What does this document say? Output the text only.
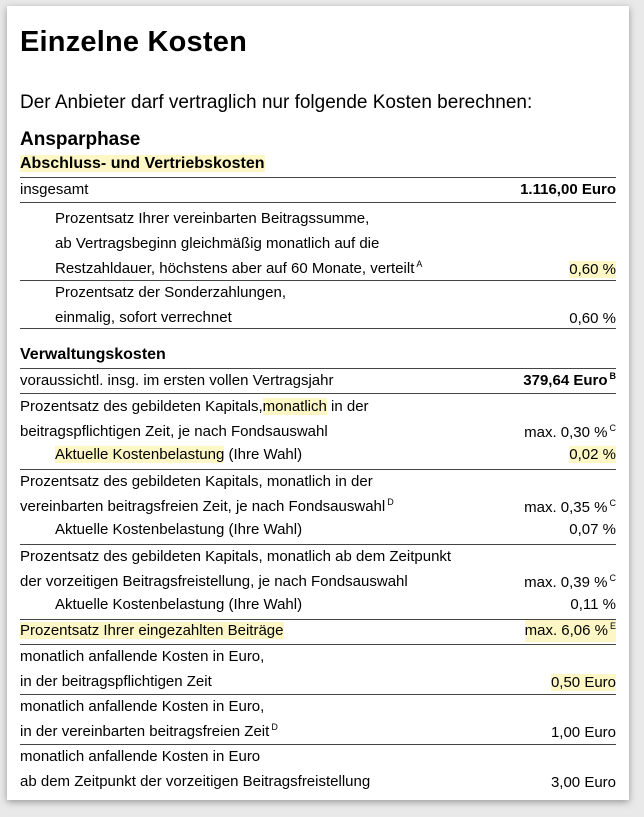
Einzelne Kosten
Der Anbieter darf vertraglich nur folgende Kosten berechnen:
Ansparphase
Abschluss- und Vertriebskosten
insgesamt	1.116,00 Euro
Prozentsatz Ihrer vereinbarten Beitragssumme,
ab Vertragsbeginn gleichmäßig monatlich auf die
Restzahldauer, höchstens aber auf 60 Monate, verteilt $^A$	0,60 %
Prozentsatz der Sonderzahlungen,
einmalig, sofort verrechnet	0,60 %
Verwaltungskosten
voraussichtl. insg. im ersten vollen Vertragsjahr	379,64 Euro $^B$
Prozentsatz des gebildeten Kapitals,monatlich in der
beitragspflichtigen Zeit, je nach Fondsauswahl	max. 0,30 % $^C$
Aktuelle Kostenbelastung (Ihre Wahl)	0,02 %
Prozentsatz des gebildeten Kapitals, monatlich in der
vereinbarten beitragsfreien Zeit, je nach Fondsauswahl $^D$	max. 0,35 % $^C$
Aktuelle Kostenbelastung (Ihre Wahl)	0,07 %
Prozentsatz des gebildeten Kapitals, monatlich ab dem Zeitpunkt
der vorzeitigen Beitragsfreistellung, je nach Fondsauswahl	max. 0,39 % $^C$
Aktuelle Kostenbelastung (Ihre Wahl)	0,11 %
Prozentsatz Ihrer eingezahlten Beiträge	max. 6,06 % $^E$
monatlich anfallende Kosten in Euro,
in der beitragspflichtigen Zeit	0,50 Euro
monatlich anfallende Kosten in Euro,
in der vereinbarten beitragsfreien Zeit $^D$	1,00 Euro
monatlich anfallende Kosten in Euro
ab dem Zeitpunkt der vorzeitigen Beitragsfreistellung	3,00 Euro
